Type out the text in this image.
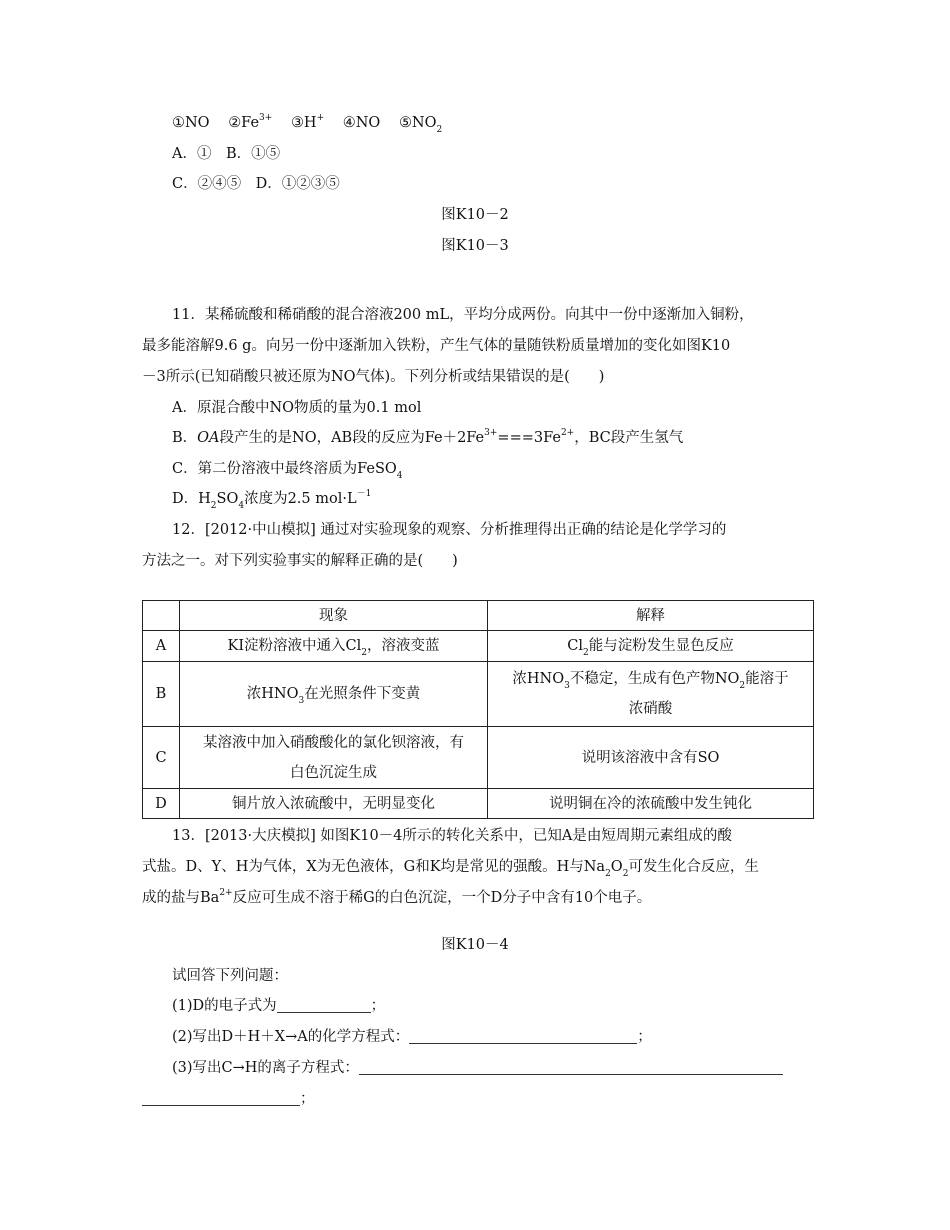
①NO $②Fe^{3+}$ ③H+ ④NO $⑤NO_2$
A．①　B．①⑤
C．②④⑤　D．①②③⑤
图K10－2
图K10－3
11．某稀硫酸和稀硝酸的混合溶液200 mL，平均分成两份。向其中一份中逐渐加入铜粉，
最多能溶解9.6 g。向另一份中逐渐加入铁粉，产生气体的量随铁粉质量增加的变化如图K10
－3所示(已知硝酸只被还原为NO气体)。下列分析或结果错误的是(　　)
A．原混合酸中NO物质的量为0.1 mol
B．OA段产生的是NO，AB段的反应为$Fe+2Fe^{3+}===3Fe^{2+}$，BC段产生氢气
C．第二份溶液中最终溶质为FeSO$_4$
D．$H_2SO_4$浓度为2.5 $mol\cdot L^{-1}$
12．[2012·中山模拟] 通过对实验现象的观察、分析推理得出正确的结论是化学学习的
方法之一。对下列实验事实的解释正确的是(　　)
	现象	解释
A	KI淀粉溶液中通入$Cl_2$，溶液变蓝	$Cl_2$能与淀粉发生显色反应
B	浓$HNO_3$在光照条件下变黄	浓$HNO_3$不稳定，生成有色产物$NO_2$能溶于
浓硝酸
C	某溶液中加入硝酸酸化的氯化钡溶液，有
白色沉淀生成	说明该溶液中含有SO
D	铜片放入浓硫酸中，无明显变化	说明铜在冷的浓硫酸中发生钝化
13．[2013·大庆模拟] 如图K10－4所示的转化关系中，已知A是由短周期元素组成的酸
式盐。D、Y、H为气体，X为无色液体，G和K均是常见的强酸。H与$Na_2O_2$可发生化合反应，生
成的盐与$Ba^{2+}$反应可生成不溶于稀G的白色沉淀，一个D分子中含有10个电子。
图K10－4
试回答下列问题：
(1)D的电子式为	；
(2)写出D＋H＋X→A的化学方程式：	；
(3)写出C→H的离子方程式：
；
